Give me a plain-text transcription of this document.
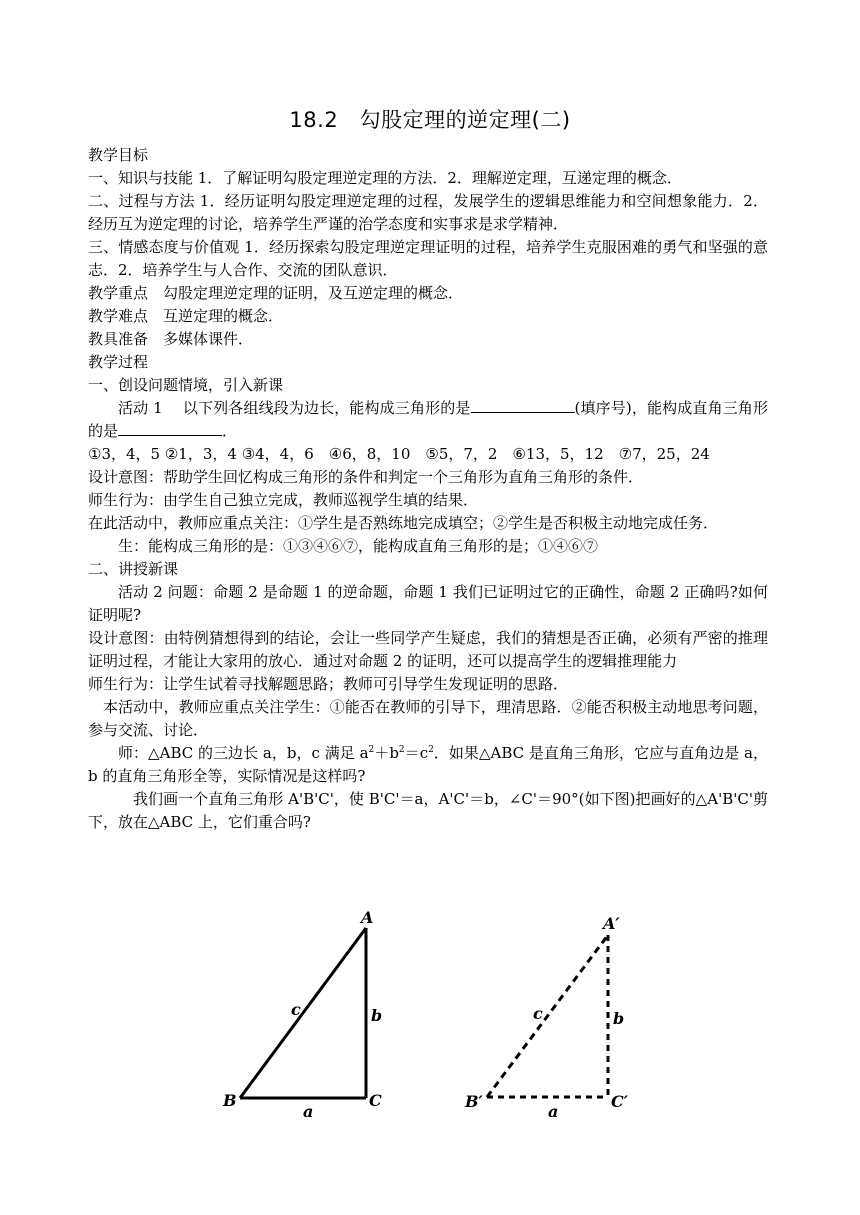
18.2　勾股定理的逆定理(二)

教学目标

一、知识与技能 1．了解证明勾股定理逆定理的方法．2．理解逆定理，互递定理的概念．

二、过程与方法 1．经历证明勾股定理逆定理的过程，发展学生的逻辑思维能力和空间想象能力．2．经历互为逆定理的讨论，培养学生严谨的治学态度和实事求是求学精神．

三、情感态度与价值观 1．经历探索勾股定理逆定理证明的过程，培养学生克服困难的勇气和坚强的意志．2．培养学生与人合作、交流的团队意识．

教学重点　勾股定理逆定理的证明，及互逆定理的概念．

教学难点　互逆定理的概念．

教具准备　多媒体课件．

教学过程

一、创设问题情境，引入新课

活动 1　 以下列各组线段为边长，能构成三角形的是	(填序号)，能构成直角三角形的是	．

①3，4，5 ②1，3，4 ③4，4，6　④6，8，10　⑤5，7，2　⑥13，5，12　⑦7，25，24

设计意图：帮助学生回忆构成三角形的条件和判定一个三角形为直角三角形的条件．

师生行为：由学生自己独立完成，教师巡视学生填的结果．

在此活动中，教师应重点关注：①学生是否熟练地完成填空；②学生是否积极主动地完成任务．

生：能构成三角形的是：①③④⑥⑦，能构成直角三角形的是；①④⑥⑦

二、讲授新课

活动 2 问题：命题 2 是命题 1 的逆命题，命题 1 我们已证明过它的正确性，命题 2 正确吗?如何证明呢?

设计意图：由特例猜想得到的结论，会让一些同学产生疑虑，我们的猜想是否正确，必须有严密的推理证明过程，才能让大家用的放心．通过对命题 2 的证明，还可以提高学生的逻辑推理能力

师生行为：让学生试着寻找解题思路；教师可引导学生发现证明的思路．

本活动中，教师应重点关注学生：①能否在教师的引导下，理清思路．②能否积极主动地思考问题，参与交流、讨论．

师：△ABC 的三边长 a，b，c 满足 $a^2+b^2=c^2$．如果△ABC 是直角三角形，它应与直角边是 a，b 的直角三角形全等，实际情况是这样吗?

我们画一个直角三角形 A'B'C'，使 B'C'＝a，A'C'＝b，∠C'＝90°(如下图)把画好的△A'B'C'剪下，放在△ABC 上，它们重合吗?

A
B	C
a
b
c
A′
B′	C′
a
b
c
